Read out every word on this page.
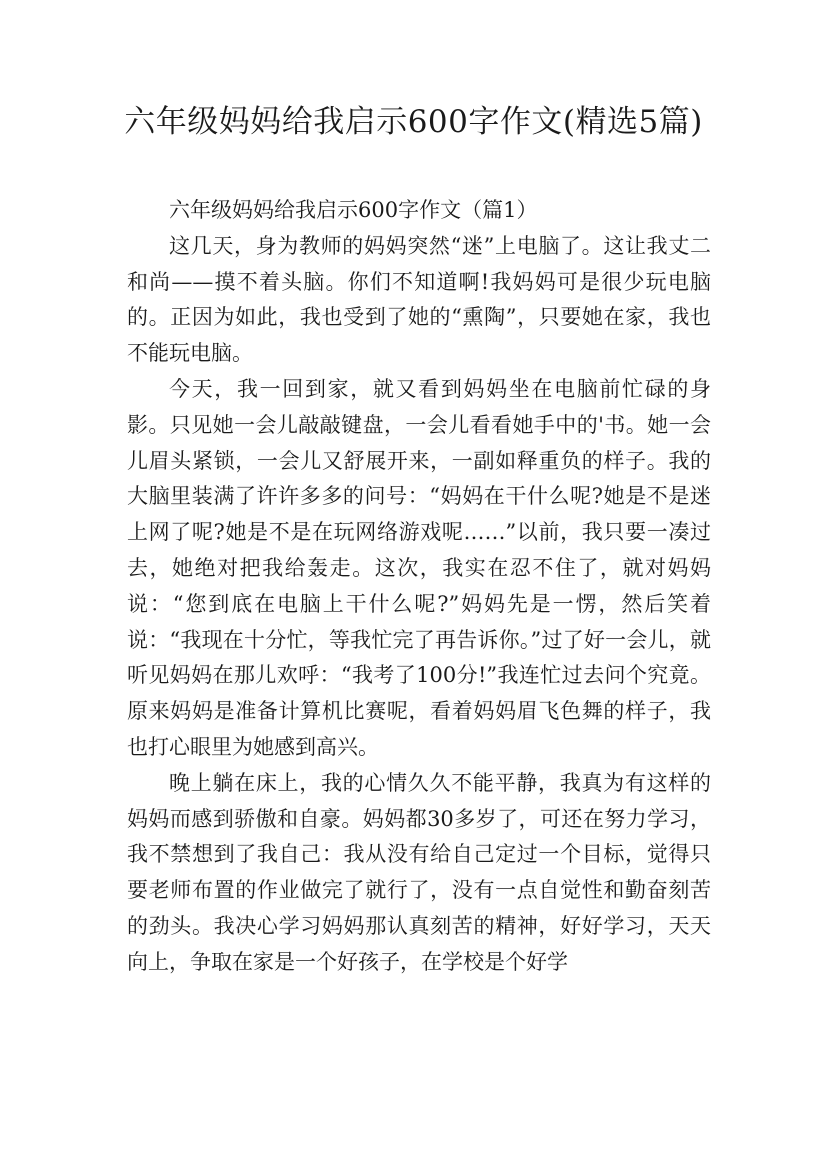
六年级妈妈给我启示600字作文(精选5篇)
六年级妈妈给我启示600字作文（篇1）

这几天，身为教师的妈妈突然“迷”上电脑了。这让我丈二和尚——摸不着头脑。你们不知道啊!我妈妈可是很少玩电脑的。正因为如此，我也受到了她的“熏陶”，只要她在家，我也不能玩电脑。

今天，我一回到家，就又看到妈妈坐在电脑前忙碌的身影。只见她一会儿敲敲键盘，一会儿看看她手中的'书。她一会儿眉头紧锁，一会儿又舒展开来，一副如释重负的样子。我的大脑里装满了许许多多的问号：“妈妈在干什么呢?她是不是迷上网了呢?她是不是在玩网络游戏呢……”以前，我只要一凑过去，她绝对把我给轰走。这次，我实在忍不住了，就对妈妈说：“您到底在电脑上干什么呢?”妈妈先是一愣，然后笑着说：“我现在十分忙，等我忙完了再告诉你。”过了好一会儿，就听见妈妈在那儿欢呼：“我考了100分!”我连忙过去问个究竟。原来妈妈是准备计算机比赛呢，看着妈妈眉飞色舞的样子，我也打心眼里为她感到高兴。

晚上躺在床上，我的心情久久不能平静，我真为有这样的妈妈而感到骄傲和自豪。妈妈都30多岁了，可还在努力学习，我不禁想到了我自己：我从没有给自己定过一个目标，觉得只要老师布置的作业做完了就行了，没有一点自觉性和勤奋刻苦的劲头。我决心学习妈妈那认真刻苦的精神，好好学习，天天向上，争取在家是一个好孩子，在学校是个好学
